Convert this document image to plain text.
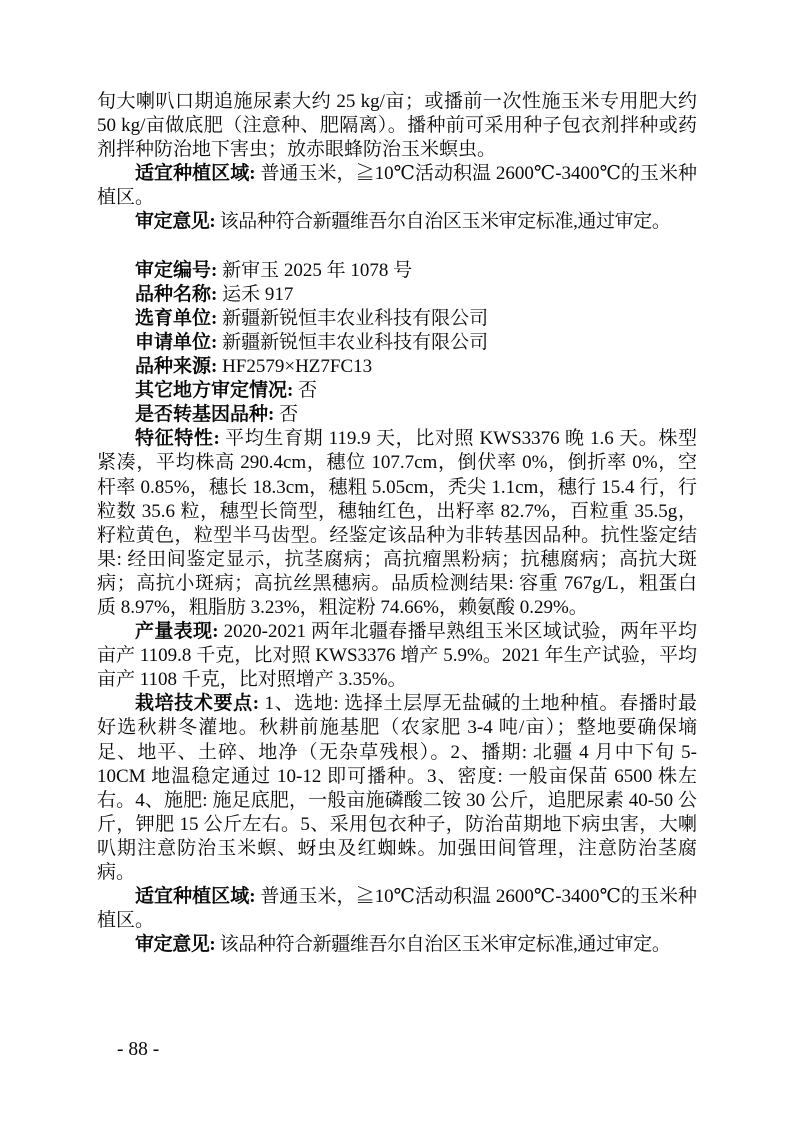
旬大喇叭口期追施尿素大约 25 kg/亩；或播前一次性施玉米专用肥大约 50 kg/亩做底肥（注意种、肥隔离）。播种前可采用种子包衣剂拌种或药剂拌种防治地下害虫；放赤眼蜂防治玉米螟虫。

适宜种植区域: 普通玉米，≧10℃活动积温 2600℃-3400℃的玉米种植区。

审定意见: 该品种符合新疆维吾尔自治区玉米审定标准,通过审定。

审定编号: 新审玉 2025 年 1078 号

品种名称: 运禾 917

选育单位: 新疆新锐恒丰农业科技有限公司

申请单位: 新疆新锐恒丰农业科技有限公司

品种来源: HF2579×HZ7FC13

其它地方审定情况: 否

是否转基因品种: 否

特征特性: 平均生育期 119.9 天，比对照 KWS3376 晚 1.6 天。株型紧凑，平均株高 290.4cm，穗位 107.7cm，倒伏率 0%，倒折率 0%，空杆率 0.85%，穗长 18.3cm，穗粗 5.05cm，秃尖 1.1cm，穗行 15.4 行，行粒数 35.6 粒，穗型长筒型，穗轴红色，出籽率 82.7%，百粒重 35.5g，籽粒黄色，粒型半马齿型。经鉴定该品种为非转基因品种。抗性鉴定结果: 经田间鉴定显示，抗茎腐病；高抗瘤黑粉病；抗穗腐病；高抗大斑病；高抗小斑病；高抗丝黑穗病。品质检测结果: 容重 767g/L，粗蛋白质 8.97%，粗脂肪 3.23%，粗淀粉 74.66%，赖氨酸 0.29%。

产量表现: 2020-2021 两年北疆春播早熟组玉米区域试验，两年平均亩产 1109.8 千克，比对照 KWS3376 增产 5.9%。2021 年生产试验，平均亩产 1108 千克，比对照增产 3.35%。

栽培技术要点: 1、选地: 选择土层厚无盐碱的土地种植。春播时最好选秋耕冬灌地。秋耕前施基肥（农家肥 3-4 吨/亩）；整地要确保墒足、地平、土碎、地净（无杂草残根）。2、播期: 北疆 4 月中下旬 5-10CM 地温稳定通过 10-12 即可播种。3、密度: 一般亩保苗 6500 株左右。4、施肥: 施足底肥，一般亩施磷酸二铵 30 公斤，追肥尿素 40-50 公斤，钾肥 15 公斤左右。5、采用包衣种子，防治苗期地下病虫害，大喇叭期注意防治玉米螟、蚜虫及红蜘蛛。加强田间管理，注意防治茎腐病。

适宜种植区域: 普通玉米，≧10℃活动积温 2600℃-3400℃的玉米种植区。

审定意见: 该品种符合新疆维吾尔自治区玉米审定标准,通过审定。

- 88 -
